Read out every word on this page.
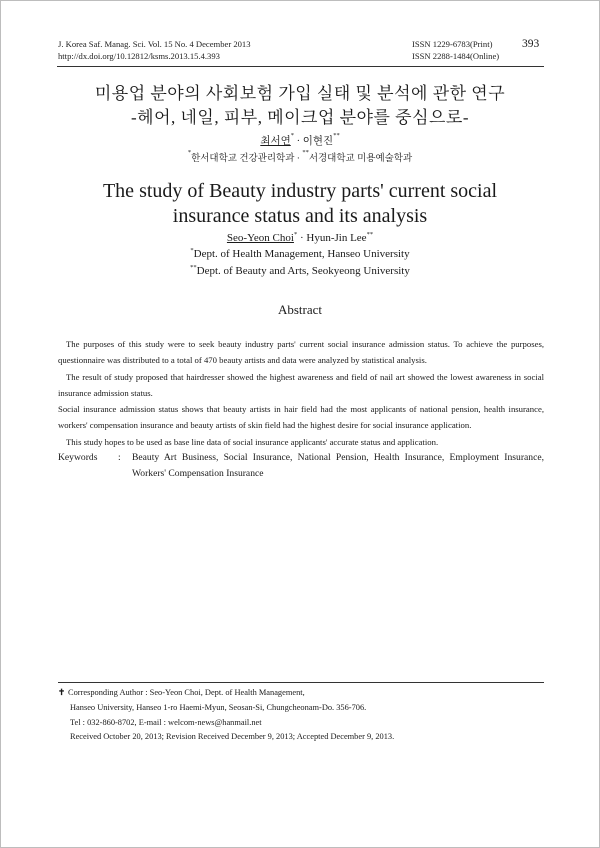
J. Korea Saf. Manag. Sci. Vol. 15 No. 4 December 2013
http://dx.doi.org/10.12812/ksms.2013.15.4.393
ISSN 1229-6783(Print)
ISSN 2288-1484(Online)
393
미용업 분야의 사회보험 가입 실태 및 분석에 관한 연구
-헤어, 네일, 피부, 메이크업 분야를 중심으로-
최서연* · 이현진**
*한서대학교 건강관리학과 · **서경대학교 미용예술학과
The study of Beauty industry parts' current social
insurance status and its analysis
Seo-Yeon Choi* · Hyun-Jin Lee**
*Dept. of Health Management, Hanseo University
**Dept. of Beauty and Arts, Seokyeong University
Abstract

The purposes of this study were to seek beauty industry parts' current social insurance admission status. To achieve the purposes, questionnaire was distributed to a total of 470 beauty artists and data were analyzed by statistical analysis.

The result of study proposed that hairdresser showed the highest awareness and field of nail art showed the lowest awareness in social insurance admission status.

Social insurance admission status shows that beauty artists in hair field had the most applicants of national pension, health insurance, workers' compensation insurance and beauty artists of skin field had the highest desire for social insurance application.

This study hopes to be used as base line data of social insurance applicants' accurate status and application.

Keywords	:	Beauty Art Business, Social Insurance, National Pension, Health Insurance, Employment Insurance, Workers' Compensation Insurance
✝ Corresponding Author : Seo-Yeon Choi, Dept. of Health Management,
Hanseo University, Hanseo 1-ro Haemi-Myun, Seosan-Si, Chungcheonam-Do. 356-706.
Tel : 032-860-8702, E-mail : welcom-news@hanmail.net
Received October 20, 2013; Revision Received December 9, 2013; Accepted December 9, 2013.
